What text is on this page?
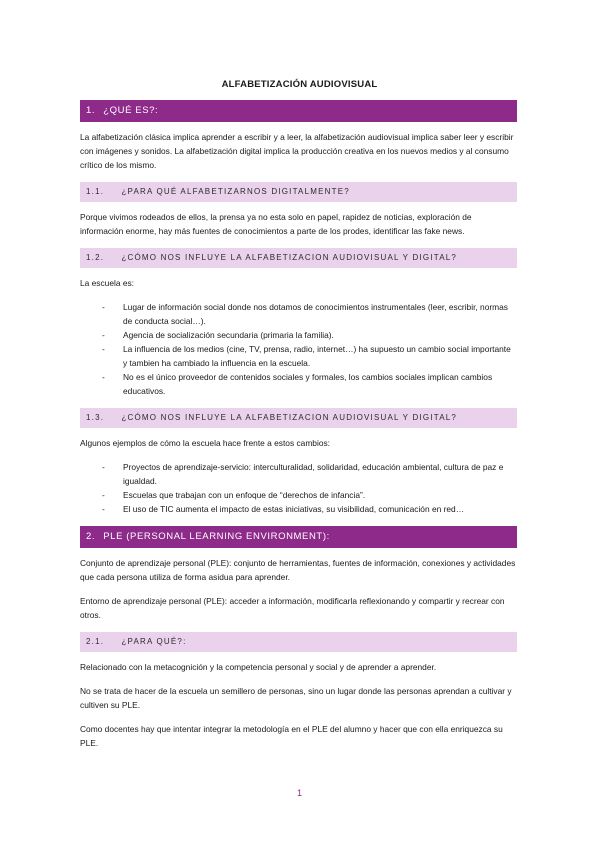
ALFABETIZACIÓN AUDIOVISUAL
1. ¿QUÉ ES?:

La alfabetización clásica implica aprender a escribir y a leer, la alfabetización audiovisual implica saber leer y escribir con imágenes y sonidos. La alfabetización digital implica la producción creativa en los nuevos medios y al consumo crítico de los mismo.

1.1. ¿PARA QUÉ ALFABETIZARNOS DIGITALMENTE?

Porque vivimos rodeados de ellos, la prensa ya no esta solo en papel, rapidez de noticias, exploración de información enorme, hay más fuentes de conocimientos a parte de los prodes, identificar las fake news.

1.2. ¿CÓMO NOS INFLUYE LA ALFABETIZACION AUDIOVISUAL Y DIGITAL?

La escuela es:

- Lugar de información social donde nos dotamos de conocimientos instrumentales (leer, escribir, normas de conducta social…).
- Agencia de socialización secundaria (primaria la familia).
- La influencia de los medios (cine, TV, prensa, radio, internet…) ha supuesto un cambio social importante y tambien ha cambiado la influencia en la escuela.
- No es el único proveedor de contenidos sociales y formales, los cambios sociales implican cambios educativos.
1.3. ¿CÓMO NOS INFLUYE LA ALFABETIZACION AUDIOVISUAL Y DIGITAL?

Algunos ejemplos de cómo la escuela hace frente a estos cambios:

- Proyectos de aprendizaje-servicio: interculturalidad, solidaridad, educación ambiental, cultura de paz e igualdad.
- Escuelas que trabajan con un enfoque de “derechos de infancia”.
- El uso de TIC aumenta el impacto de estas iniciativas, su visibilidad, comunicación en red…
2. PLE (PERSONAL LEARNING ENVIRONMENT):

Conjunto de aprendizaje personal (PLE): conjunto de herramientas, fuentes de información, conexiones y actividades que cada persona utiliza de forma asidua para aprender.

Entorno de aprendizaje personal (PLE): acceder a información, modificarla reflexionando y compartir y recrear con otros.

2.1. ¿PARA QUÉ?:

Relacionado con la metacognición y la competencia personal y social y de aprender a aprender.

No se trata de hacer de la escuela un semillero de personas, sino un lugar donde las personas aprendan a cultivar y cultiven su PLE.

Como docentes hay que intentar integrar la metodología en el PLE del alumno y hacer que con ella enriquezca su PLE.

1
